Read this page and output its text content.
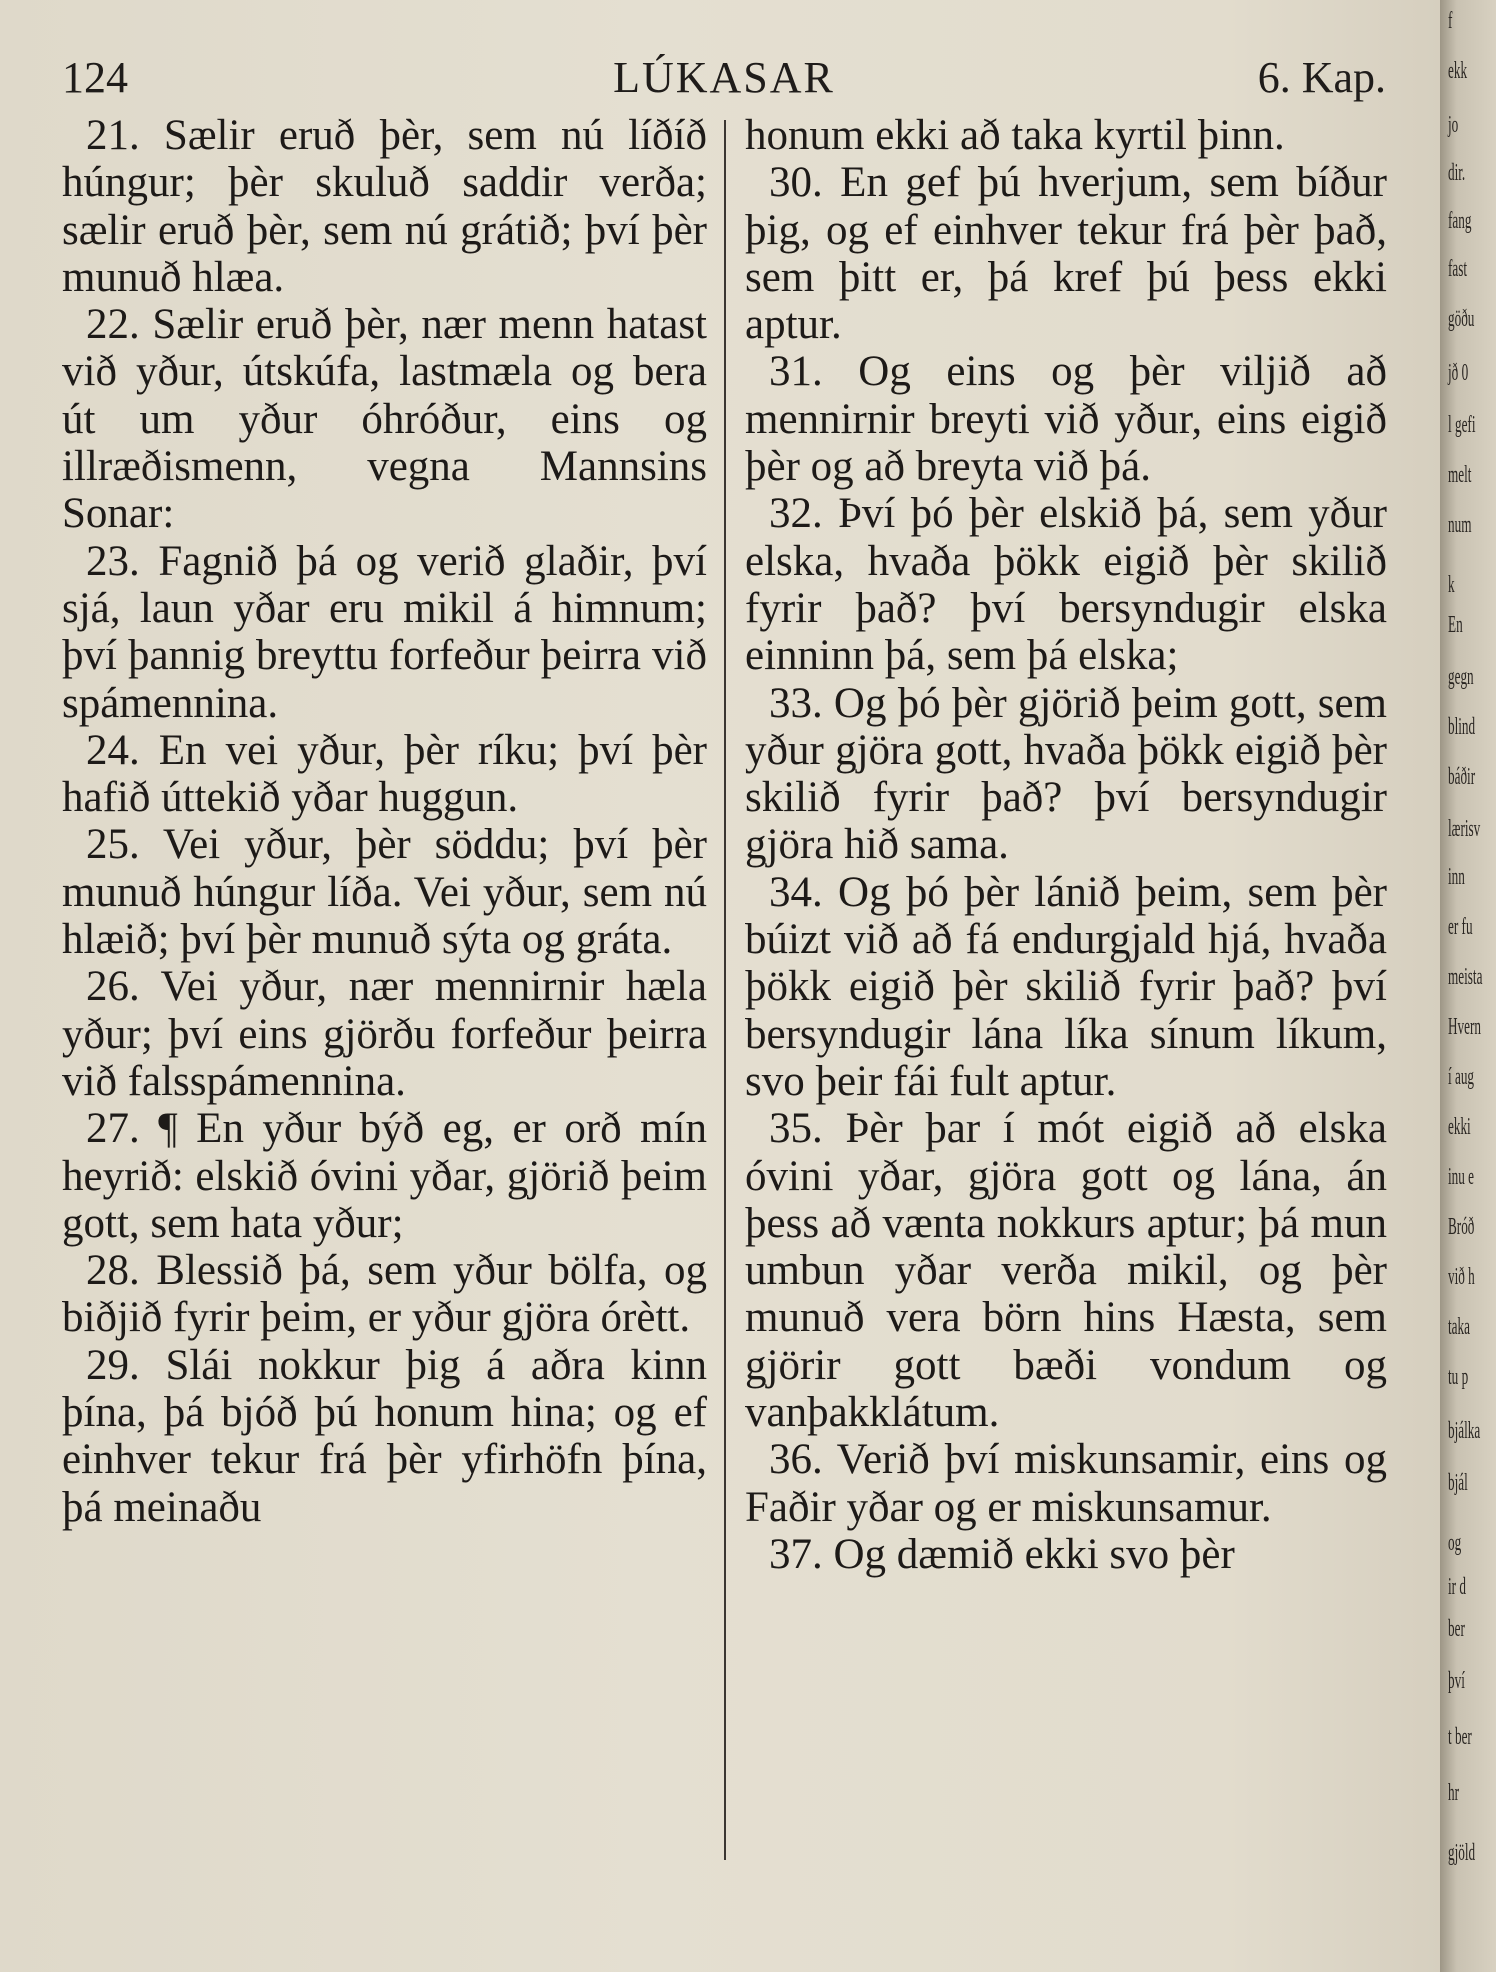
124	LÚKASAR	6. Kap.

21. Sælir eruð þèr, sem nú líðíð húngur; þèr skuluð saddir verða; sælir eruð þèr, sem nú grátið; því þèr munuð hlæa.

22. Sælir eruð þèr, nær menn hatast við yður, útskúfa, lastmæla og bera út um yður óhróður, eins og illræðismenn, vegna Mannsins Sonar:

23. Fagnið þá og verið glaðir, því sjá, laun yðar eru mikil á himnum; því þannig breyttu forfeður þeirra við spámennina.

24. En vei yður, þèr ríku; því þèr hafið úttekið yðar huggun.

25. Vei yður, þèr söddu; því þèr munuð húngur líða. Vei yður, sem nú hlæið; því þèr munuð sýta og gráta.

26. Vei yður, nær mennirnir hæla yður; því eins gjörðu forfeður þeirra við falsspámennina.

27. ¶ En yður býð eg, er orð mín heyrið: elskið óvini yðar, gjörið þeim gott, sem hata yður;

28. Blessið þá, sem yður bölfa, og biðjið fyrir þeim, er yður gjöra órètt.

29. Slái nokkur þig á aðra kinn þína, þá bjóð þú honum hina; og ef einhver tekur frá þèr yfirhöfn þína, þá meinaðu

honum ekki að taka kyrtil þinn.

30. En gef þú hverjum, sem bíður þig, og ef einhver tekur frá þèr það, sem þitt er, þá kref þú þess ekki aptur.

31. Og eins og þèr viljið að mennirnir breyti við yður, eins eigið þèr og að breyta við þá.

32. Því þó þèr elskið þá, sem yður elska, hvaða þökk eigið þèr skilið fyrir það? því bersyndugir elska einninn þá, sem þá elska;

33. Og þó þèr gjörið þeim gott, sem yður gjöra gott, hvaða þökk eigið þèr skilið fyrir það? því bersyndugir gjöra hið sama.

34. Og þó þèr lánið þeim, sem þèr búizt við að fá endurgjald hjá, hvaða þökk eigið þèr skilið fyrir það? því bersyndugir lána líka sínum líkum, svo þeir fái fult aptur.

35. Þèr þar í mót eigið að elska óvini yðar, gjöra gott og lána, án þess að vænta nokkurs aptur; þá mun umbun yðar verða mikil, og þèr munuð vera börn hins Hæsta, sem gjörir gott bæði vondum og vanþakklátum.

36. Verið því miskunsamir, eins og Faðir yðar og er miskunsamur.

37. Og dæmið ekki svo þèr

f
ekk
jo
dir.
fang
fast
göðu
jð 0
l gefi
melt
num
k
En
gegn
blind
báðir
lærisv
inn
er fu
meista
Hvern
í aug
ekki
inu e
Bróð
við h
taka
tu p
bjálka
bjál
og
ir d
ber
því
t ber
hr
gjöld
